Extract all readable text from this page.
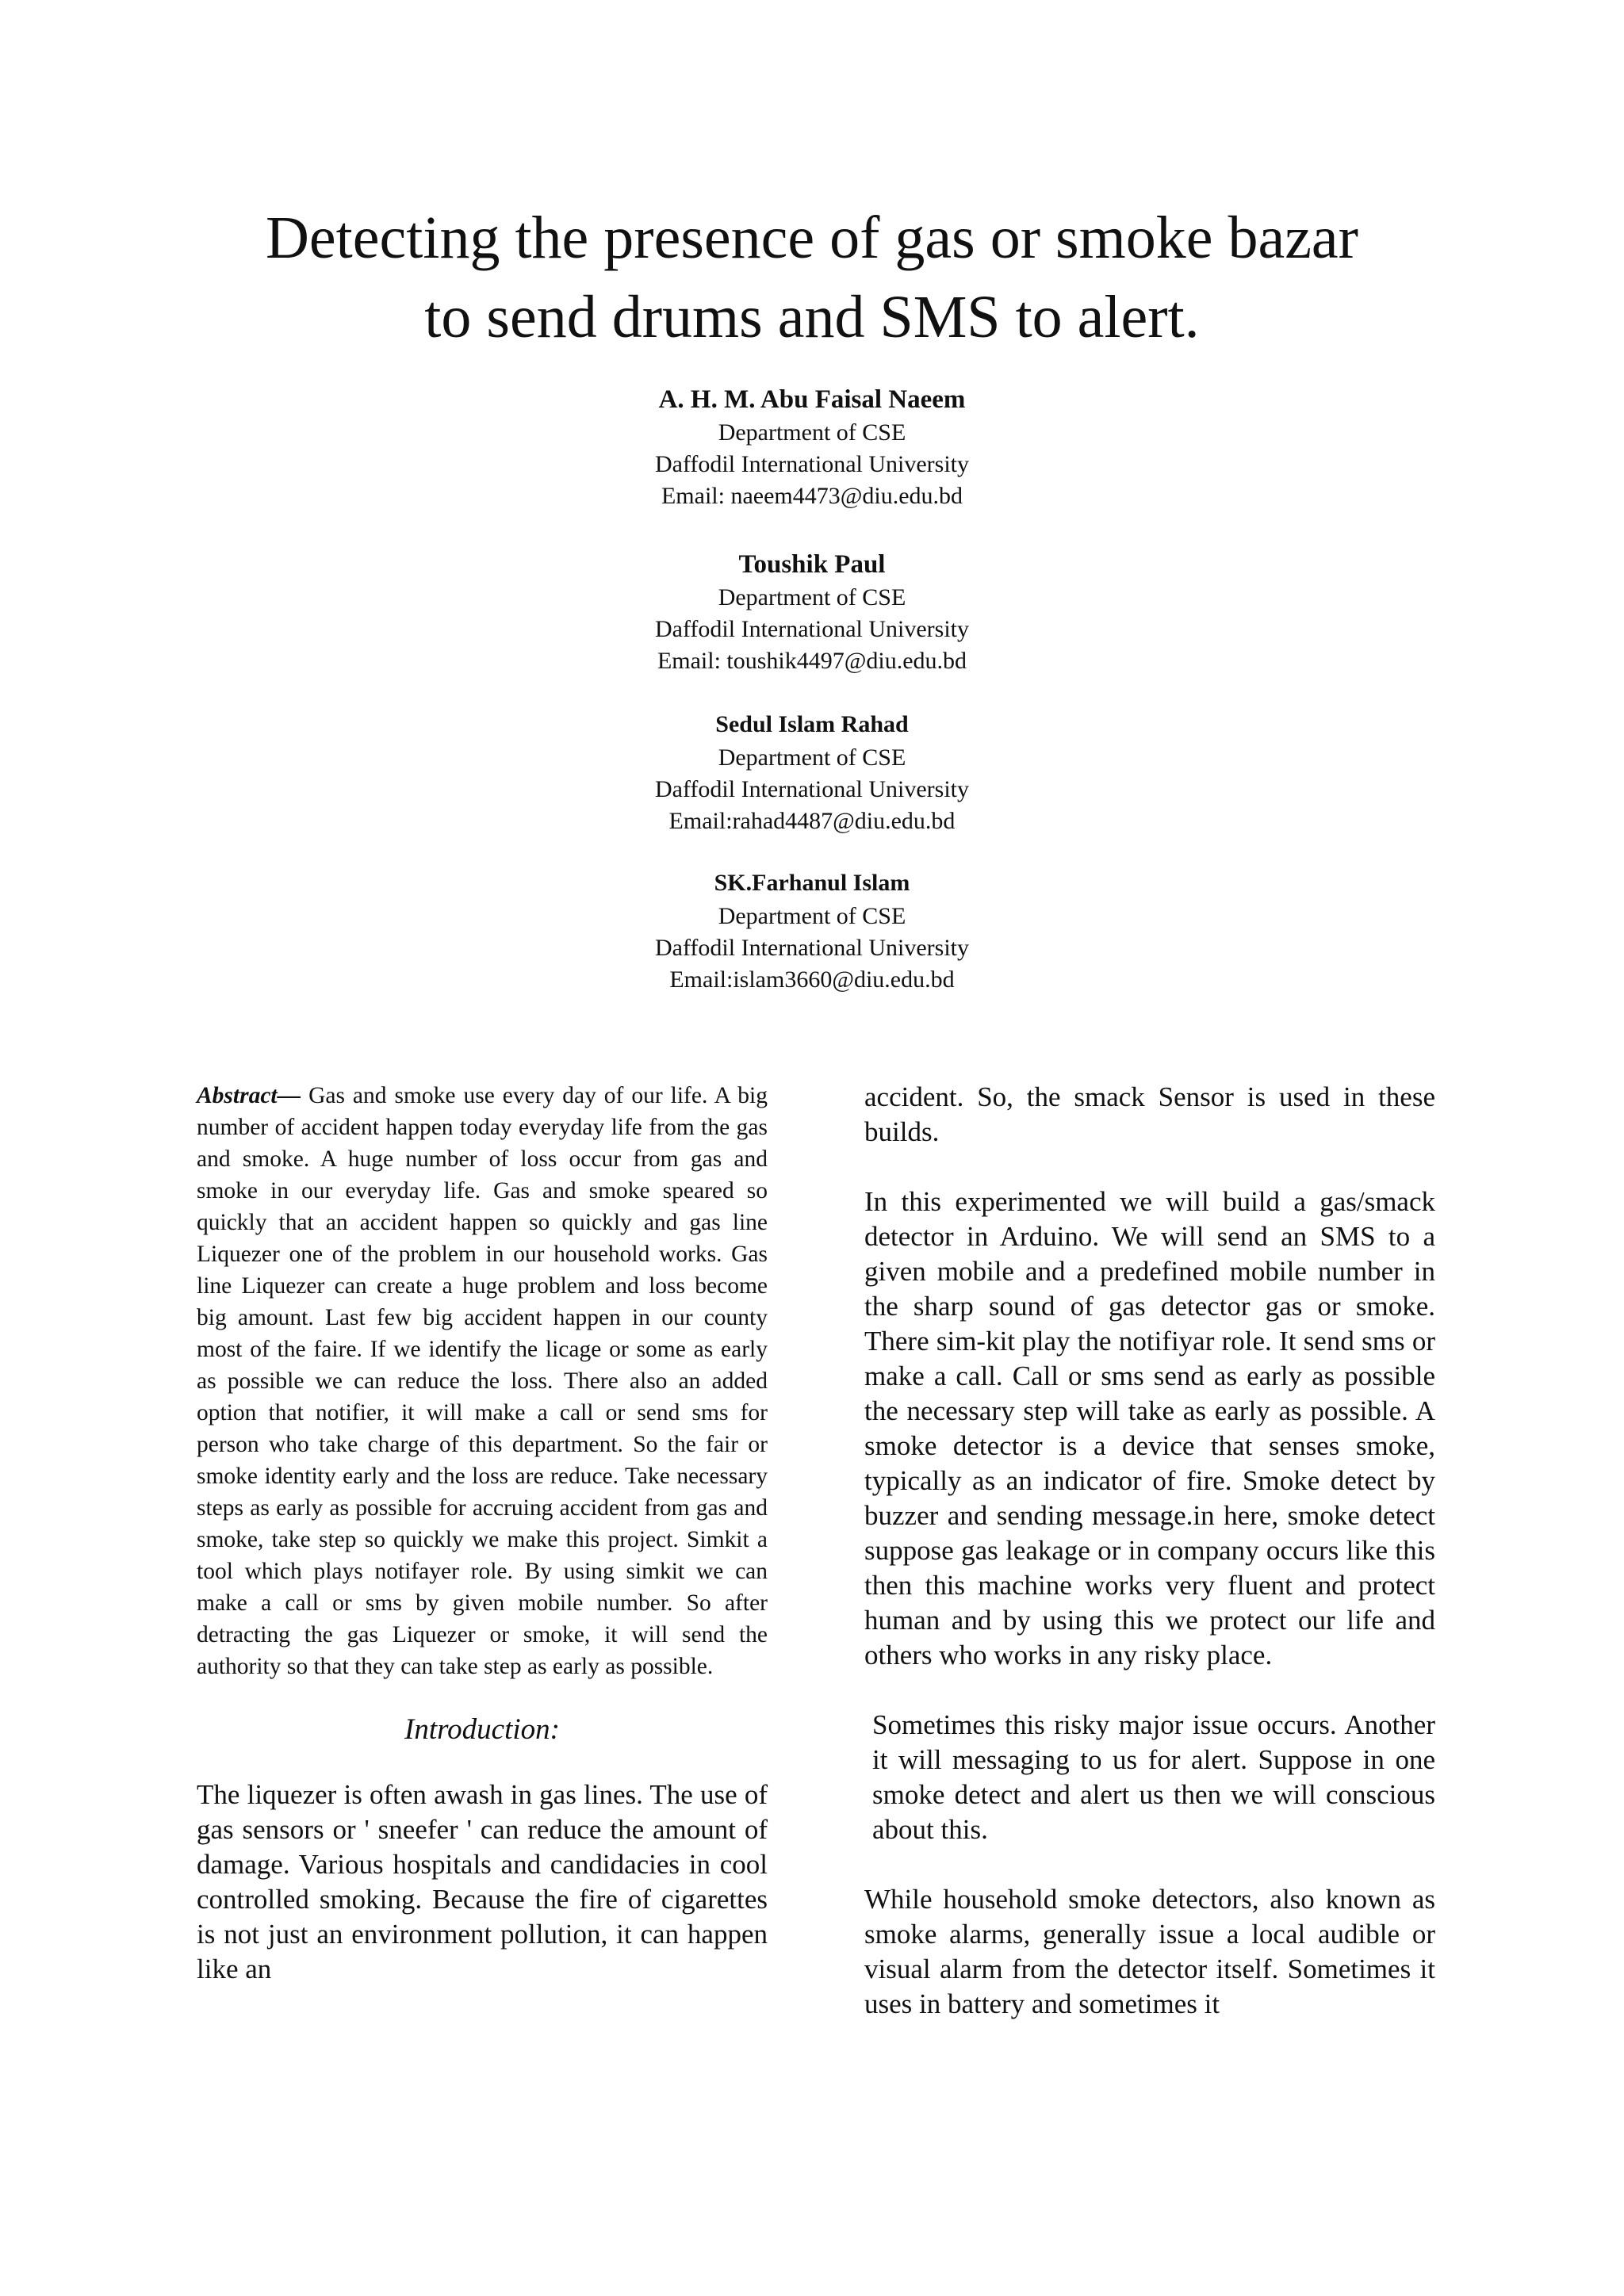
Detecting the presence of gas or smoke bazar
to send drums and SMS to alert.
A. H. M. Abu Faisal Naeem
Department of CSE
Daffodil International University
Email: naeem4473@diu.edu.bd
Toushik Paul
Department of CSE
Daffodil International University
Email: toushik4497@diu.edu.bd
Sedul Islam Rahad
Department of CSE
Daffodil International University
Email:rahad4487@diu.edu.bd
SK.Farhanul Islam
Department of CSE
Daffodil International University
Email:islam3660@diu.edu.bd

Abstract— Gas and smoke use every day of our life. A big number of accident happen today everyday life from the gas and smoke. A huge number of loss occur from gas and smoke in our everyday life. Gas and smoke speared so quickly that an accident happen so quickly and gas line Liquezer one of the problem in our household works. Gas line Liquezer can create a huge problem and loss become big amount. Last few big accident happen in our county most of the faire. If we identify the licage or some as early as possible we can reduce the loss. There also an added option that notifier, it will make a call or send sms for person who take charge of this department. So the fair or smoke identity early and the loss are reduce. Take necessary steps as early as possible for accruing accident from gas and smoke, take step so quickly we make this project. Simkit a tool which plays notifayer role. By using simkit we can make a call or sms by given mobile number. So after detracting the gas Liquezer or smoke, it will send the authority so that they can take step as early as possible.

Introduction:

The liquezer is often awash in gas lines. The use of gas sensors or ' sneefer ' can reduce the amount of damage. Various hospitals and candidacies in cool controlled smoking. Because the fire of cigarettes is not just an environment pollution, it can happen like an

accident. So, the smack Sensor is used in these builds.

In this experimented we will build a gas/smack detector in Arduino. We will send an SMS to a given mobile and a predefined mobile number in the sharp sound of gas detector gas or smoke. There sim-kit play the notifiyar role. It send sms or make a call. Call or sms send as early as possible the necessary step will take as early as possible. A smoke detector is a device that senses smoke, typically as an indicator of fire. Smoke detect by buzzer and sending message.in here, smoke detect suppose gas leakage or in company occurs like this then this machine works very fluent and protect human and by using this we protect our life and others who works in any risky place.

Sometimes this risky major issue occurs. Another it will messaging to us for alert. Suppose in one smoke detect and alert us then we will conscious about this.

While household smoke detectors, also known as smoke alarms, generally issue a local audible or visual alarm from the detector itself. Sometimes it uses in battery and sometimes it
